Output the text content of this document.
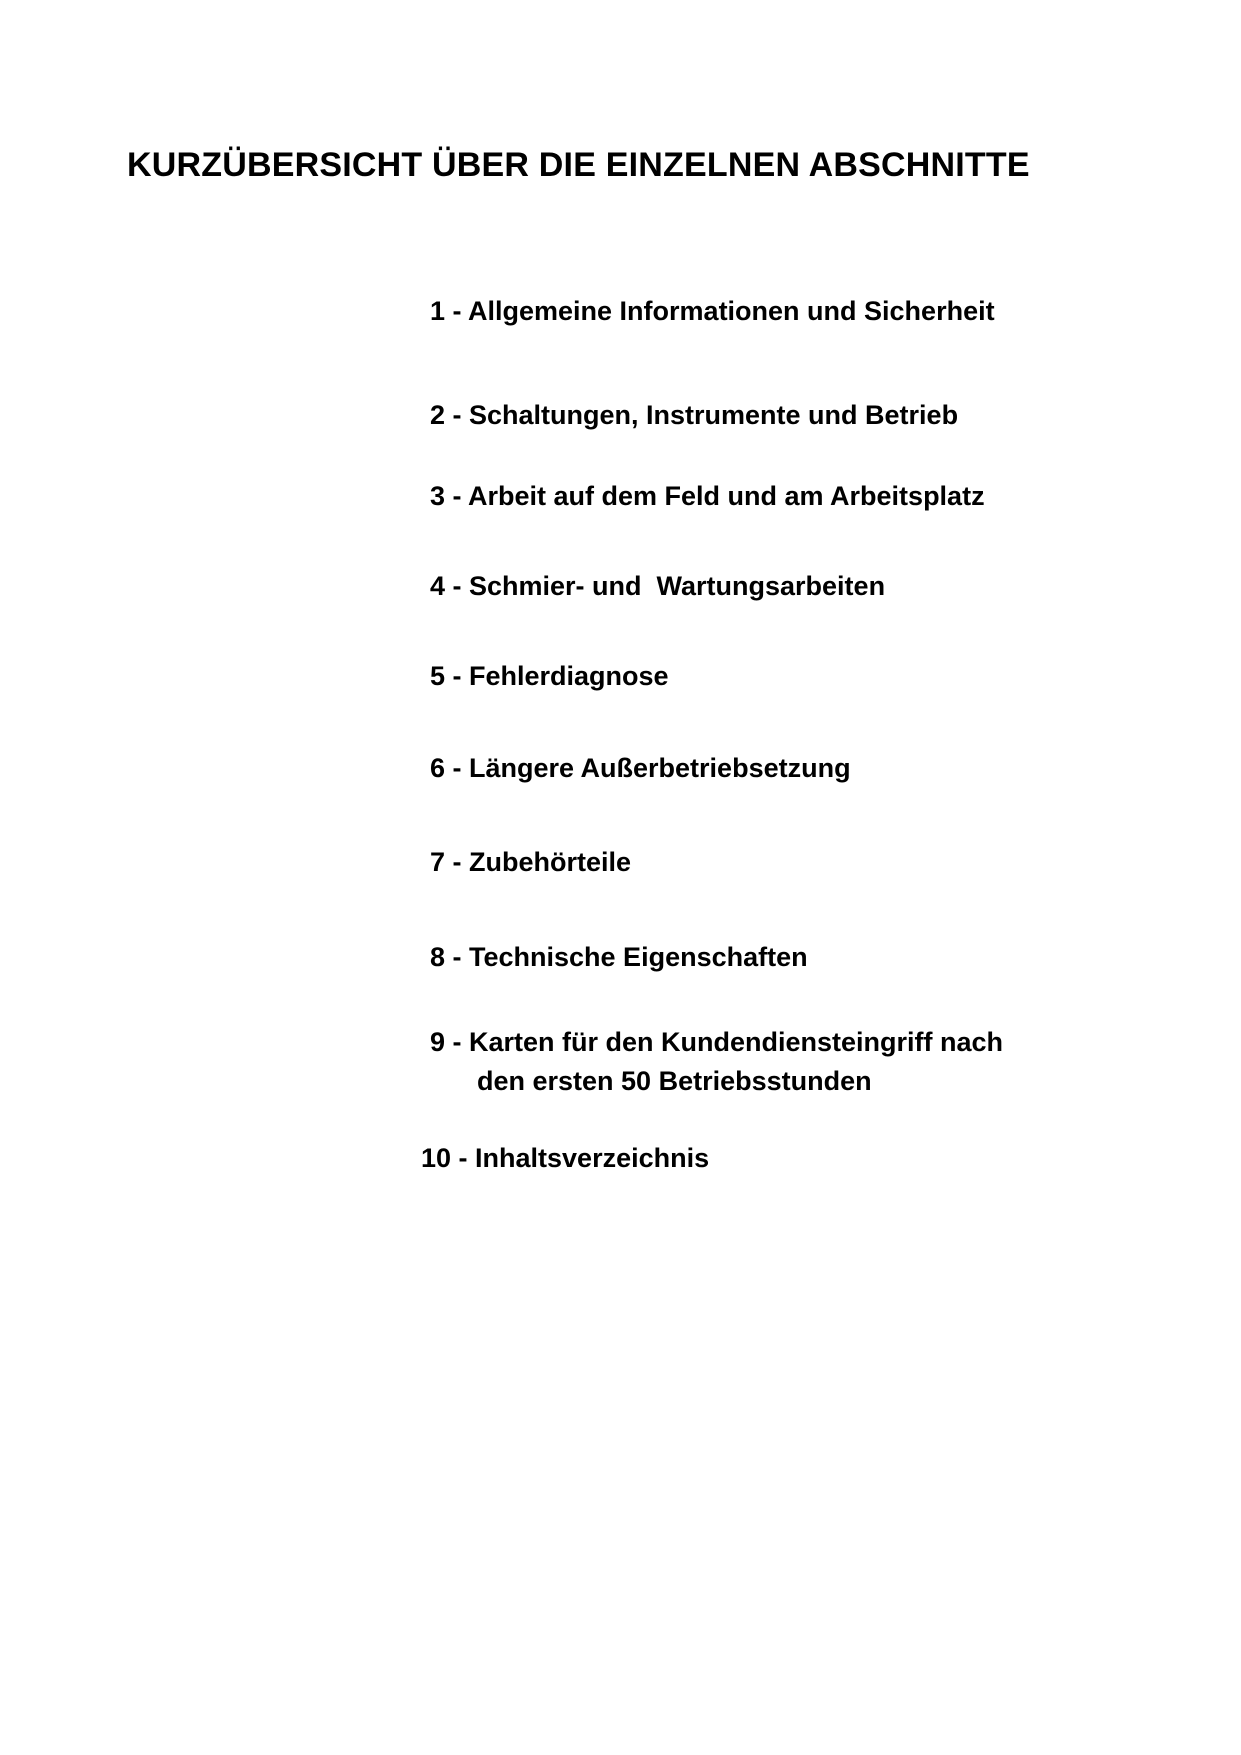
KURZÜBERSICHT ÜBER DIE EINZELNEN ABSCHNITTE
1 - Allgemeine Informationen und Sicherheit
2 - Schaltungen, Instrumente und Betrieb
3 - Arbeit auf dem Feld und am Arbeitsplatz
4 - Schmier- und  Wartungsarbeiten
5 - Fehlerdiagnose
6 - Längere Außerbetriebsetzung
7 - Zubehörteile
8 - Technische Eigenschaften
9 - Karten für den Kundendiensteingriff nach
den ersten 50 Betriebsstunden
10 - Inhaltsverzeichnis
